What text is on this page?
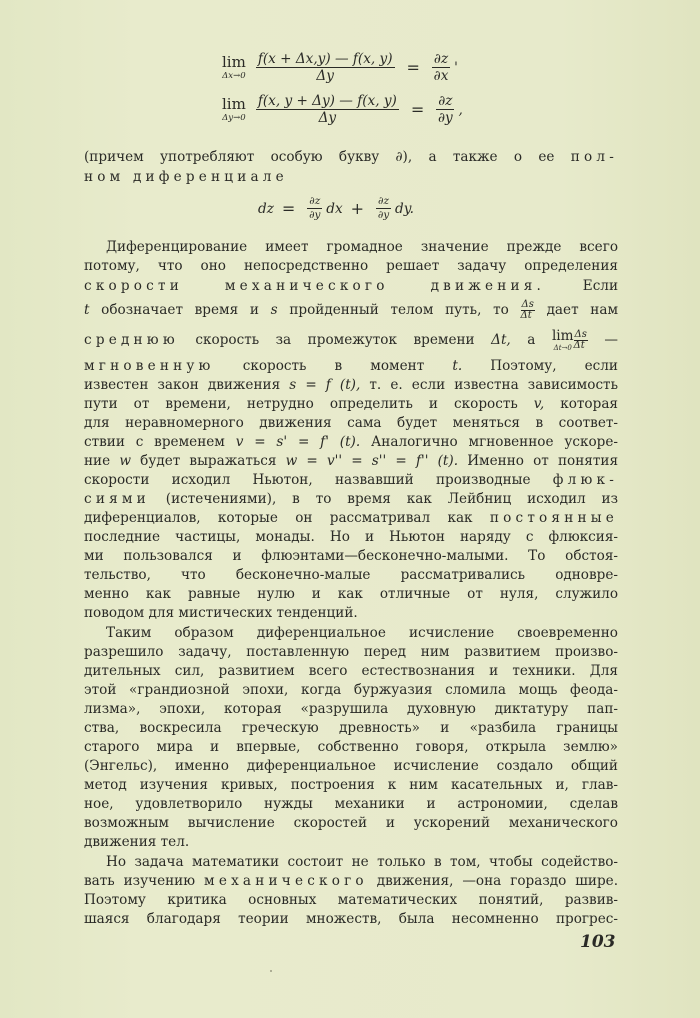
lim
$\Delta x\to 0 \frac{f(x + \Delta x,y) — f(x, y)}{\Delta y} = \frac{\partial z}{\partial x}$ '
lim
$\Delta y\to 0 \frac{f(x, y + \Delta y) — f(x, y)}{\Delta y} = \frac{\partial z}{\partial y}$ ,
(причем употребляют особую букву ∂), а также о ее пол-
ном дифеpенциале
dz = $\frac{\partial z}{\partial y}$ dx + $\frac{\partial z}{\partial y}$ dy.
Дифеpенцирование имеет громадное значение прежде всего
потому, что оно непосредственно решает задачу определения
скорости механического движения.	Если
t обозначает время и s пройденный телом путь, то $\frac{\Delta s}{\Delta t}$ дает нам
среднюю скорость за промежуток времени Δt, а lim
$\Delta t\to 0 \frac{\Delta s}{\Delta t}$ —
мгновенную скорость в момент t. Поэтому, если
известен закон движения s = f (t), т. е. если известна зависимость
пути от времени, нетрудно определить и скорость v, которая
для неравномерного движения сама будет меняться в соответ-
ствии с временем v = s' = f' (t). Аналогично мгновенное ускоре-
ние w будет выражаться w = v'' = s'' = f'' (t). Именно от понятия
скорости исходил Ньютон, назвавший производные флюк-
сиями (истечениями), в то время как Лейбниц исходил из
дифеpенциалов, которые он рассматривал как постоянные
последние частицы, монады. Но и Ньютон наряду с флюксия-
ми пользовался и флюэнтами—бесконечно-малыми. То обстоя-
тельство, что бесконечно-малые рассматривались одновре-
менно как равные нулю и как отличные от нуля, служило
поводом для мистических тенденций.
Таким образом дифеpенциальное исчисление своевременно
разрешило задачу, поставленную перед ним развитием произво-
дительных сил, развитием всего естествознания и техники. Для
этой «грандиозной эпохи, когда буржуазия сломила мощь феода-
лизма», эпохи, которая «разрушила духовную диктатуру пап-
ства, воскресила греческую древность» и «разбила границы
старого мира и впервые, собственно говоря, открыла землю»
(Энгельс), именно дифеpенциальное исчисление создало общий
метод изучения кривых, построения к ним касательных и, глав-
ное, удовлетворило нужды механики и астрономии, сделав
возможным вычисление скоростей и ускорений механического
движения тел.
Но задача математики состоит не только в том, чтобы содейство-
вать изучению механического движения, —она гораздо шире.
Поэтому критика основных математических понятий, развив-
шаяся благодаря теории множеств, была несомненно прогрес-
103
